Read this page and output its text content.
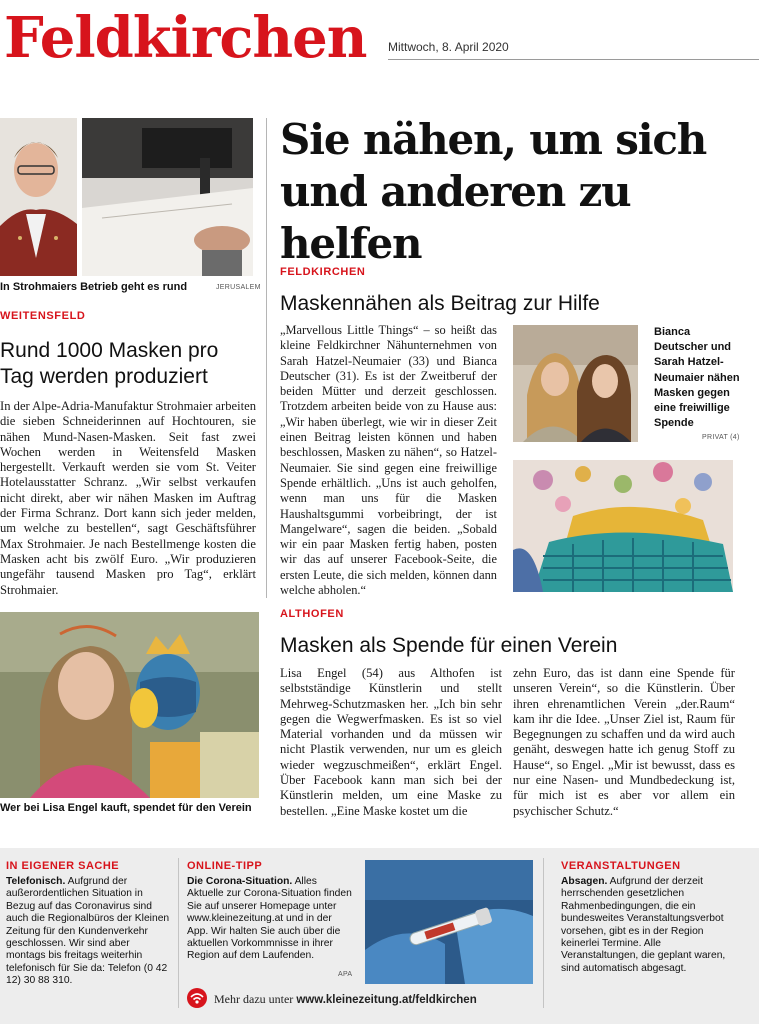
Feldkirchen Mittwoch, 8. April 2020
In Strohmaiers Betrieb geht es rund	JERUSALEM
WEITENSFELD
Rund 1000 Masken pro Tag werden produziert
In der Alpe-Adria-Manufaktur Strohmaier arbeiten die sieben Schneiderinnen auf Hochtouren, sie nähen Mund-Nasen-Masken. Seit fast zwei Wochen werden in Weitensfeld Masken hergestellt. Verkauft werden sie vom St. Veiter Hotelausstatter Schranz. „Wir selbst verkaufen nicht direkt, aber wir nähen Masken im Auftrag der Firma Schranz. Dort kann sich jeder melden, um welche zu bestellen“, sagt Geschäftsführer Max Strohmaier. Je nach Bestellmenge kosten die Masken acht bis zwölf Euro. „Wir produzieren ungefähr tausend Masken pro Tag“, erklärt Strohmaier.
Sie nähen, um sich und anderen zu helfen
FELDKIRCHEN
Maskennähen als Beitrag zur Hilfe
„Marvellous Little Things“ – so heißt das kleine Feldkirchner Nähunternehmen von Sarah Hatzel-Neumaier (33) und Bianca Deutscher (31). Es ist der Zweitberuf der beiden Mütter und derzeit geschlossen. Trotzdem arbeiten beide von zu Hause aus: „Wir haben überlegt, wie wir in dieser Zeit einen Beitrag leisten können und haben beschlossen, Masken zu nähen“, so Hatzel-Neumaier. Sie sind gegen eine freiwillige Spende erhältlich. „Uns ist auch geholfen, wenn man uns für die Masken Haushaltsgummi vorbeibringt, der ist Mangelware“, sagen die beiden. „Sobald wir ein paar Masken fertig haben, posten wir das auf unserer Facebook-Seite, die ersten Leute, die sich melden, können dann welche abholen.“
Bianca Deutscher und Sarah Hatzel-Neumaier nähen Masken gegen eine freiwillige Spende
PRIVAT (4)
ALTHOFEN
Masken als Spende für einen Verein
Lisa Engel (54) aus Althofen ist selbstständige Künstlerin und stellt Mehrweg-Schutzmasken her. „Ich bin sehr gegen die Wegwerfmasken. Es ist so viel Material vorhanden und da müssen wir nicht Plastik verwenden, nur um es gleich wieder wegzuschmeißen“, erklärt Engel. Über Facebook kann man sich bei der Künstlerin melden, um eine Maske zu bestellen. „Eine Maske kostet um die
zehn Euro, das ist dann eine Spende für unseren Verein“, so die Künstlerin. Über ihren ehrenamtlichen Verein „der.Raum“ kam ihr die Idee. „Unser Ziel ist, Raum für Begegnungen zu schaffen und da wird auch genäht, deswegen hatte ich genug Stoff zu Hause“, so Engel. „Mir ist bewusst, dass es nur eine Nasen- und Mundbedeckung ist, für mich ist es aber vor allem ein psychischer Schutz.“
Wer bei Lisa Engel kauft, spendet für den Verein
IN EIGENER SACHE
Telefonisch. Aufgrund der außerordentlichen Situation in Bezug auf das Coronavirus sind auch die Regionalbüros der Kleinen Zeitung für den Kundenverkehr geschlossen. Wir sind aber montags bis freitags weiterhin telefonisch für Sie da: Telefon (0 42 12) 30 88 310.
ONLINE-TIPP
Die Corona-Situation. Alles Aktuelle zur Corona-Situation finden Sie auf unserer Homepage unter www.kleinezeitung.at und in der App. Wir halten Sie auch über die aktuellen Vorkommnisse in ihrer Region auf dem Laufenden.
APA
VERANSTALTUNGEN
Absagen. Aufgrund der derzeit herrschenden gesetzlichen Rahmenbedingungen, die ein bundesweites Veranstaltungsverbot vorsehen, gibt es in der Region keinerlei Termine. Alle Veranstaltungen, die geplant waren, sind automatisch abgesagt.
Mehr dazu unter www.kleinezeitung.at/feldkirchen
